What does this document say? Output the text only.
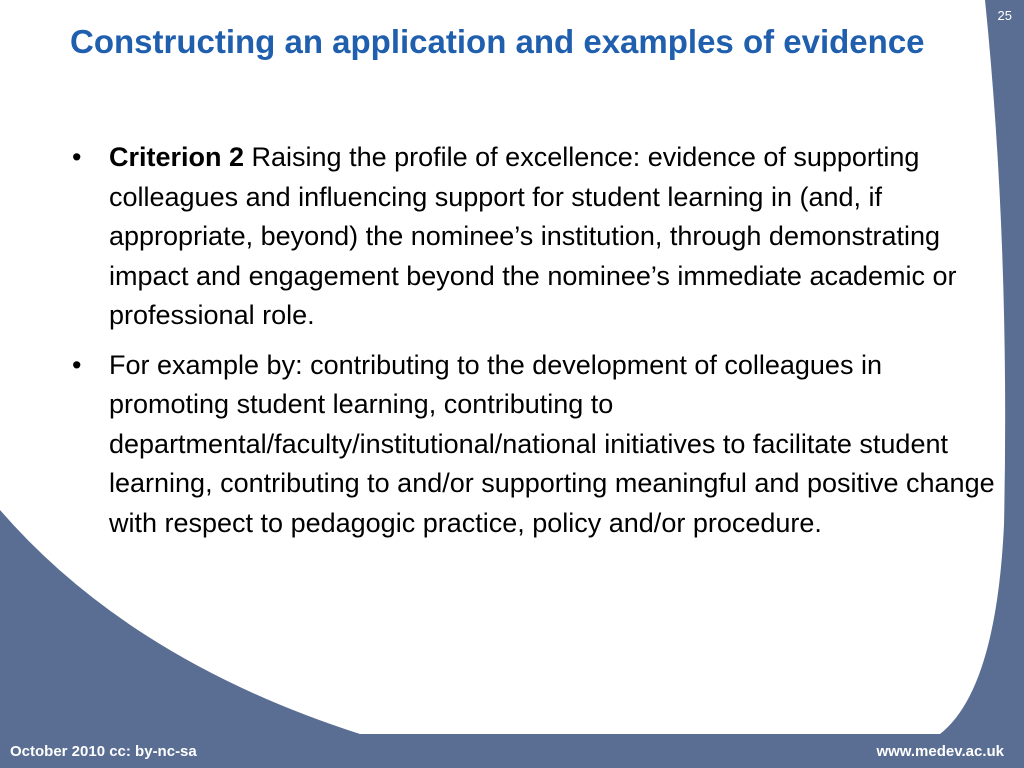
25
Constructing an application and examples of evidence
• Criterion 2 Raising the profile of excellence: evidence of supporting colleagues and influencing support for student learning in (and, if appropriate, beyond) the nominee’s institution, through demonstrating impact and engagement beyond the nominee’s immediate academic or professional role.
• For example by: contributing to the development of colleagues in promoting student learning, contributing to departmental/faculty/institutional/national initiatives to facilitate student learning, contributing to and/or supporting meaningful and positive change with respect to pedagogic practice, policy and/or procedure.
October 2010 cc: by-nc-sa	www.medev.ac.uk
